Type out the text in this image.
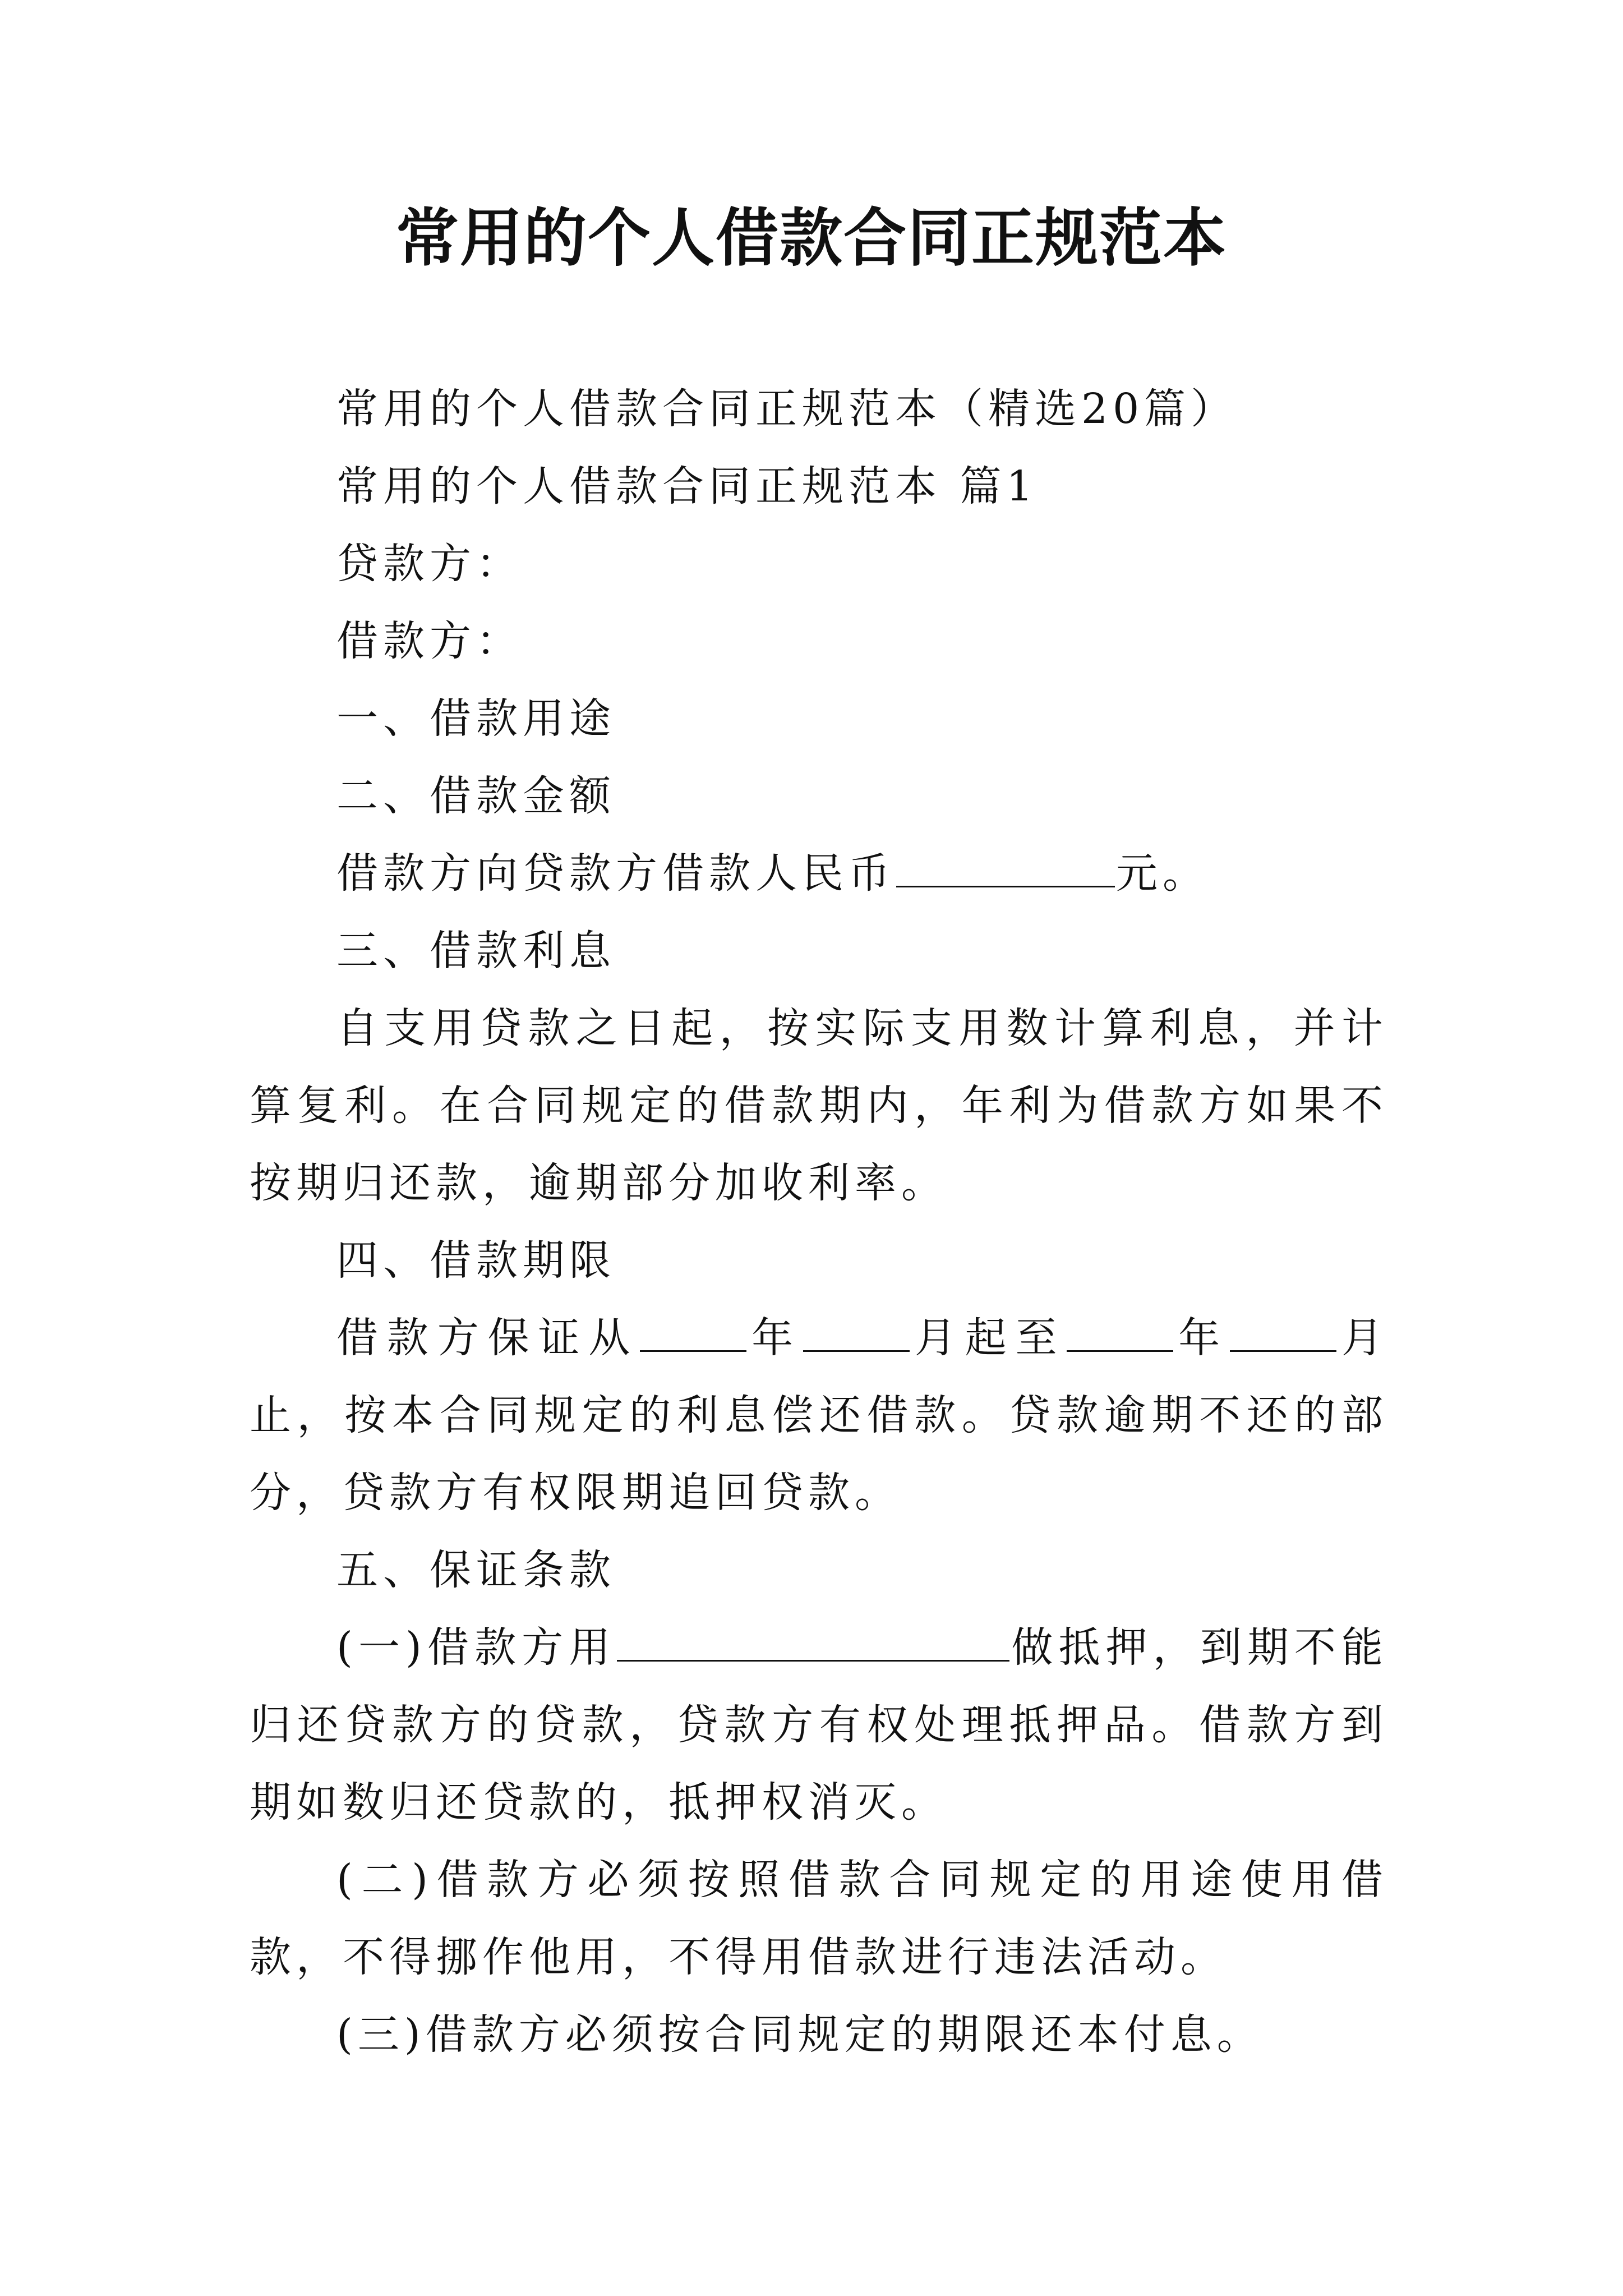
常用的个人借款合同正规范本

常用的个人借款合同正规范本（精选20篇）

常用的个人借款合同正规范本 篇1

贷款方：

借款方：

一、借款用途

二、借款金额

借款方向贷款方借款人民币	元。

三、借款利息

自支用贷款之日起，按实际支用数计算利息，并计算复利。在合同规定的借款期内，年利为借款方如果不按期归还款，逾期部分加收利率。

四、借款期限

借款方保证从	年	月起至	年	月止，按本合同规定的利息偿还借款。贷款逾期不还的部分，贷款方有权限期追回贷款。

五、保证条款

(一)借款方用	做抵押，到期不能归还贷款方的贷款，贷款方有权处理抵押品。借款方到期如数归还贷款的，抵押权消灭。

(二)借款方必须按照借款合同规定的用途使用借款，不得挪作他用，不得用借款进行违法活动。

(三)借款方必须按合同规定的期限还本付息。
